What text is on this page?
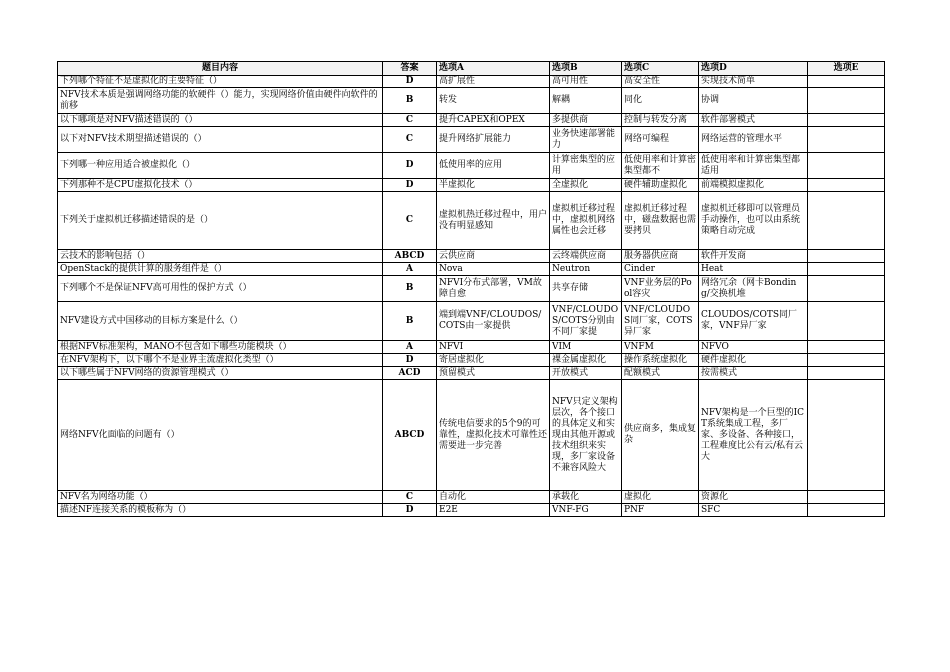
题目内容	答案	选项A	选项B	选项C	选项D	选项E
下列哪个特征不是虚拟化的主要特征（）	D	高扩展性	高可用性	高安全性	实现技术简单	
NFV技术本质是强调网络功能的软硬件（）能力，实现网络价值由硬件向软件的前移	B	转发	解耦	同化	协调	
以下哪项是对NFV描述错误的（）	C	提升CAPEX和OPEX	多提供商	控制与转发分离	软件部署模式	
以下对NFV技术期望描述错误的（）	C	提升网络扩展能力	业务快速部署能力	网络可编程	网络运营的管理水平	
下列哪一种应用适合被虚拟化（）	D	低使用率的应用	计算密集型的应用	低使用率和计算密集型都不	低使用率和计算密集型都适用	
下列那种不是CPU虚拟化技术（）	D	半虚拟化	全虚拟化	硬件辅助虚拟化	前端模拟虚拟化	
下列关于虚拟机迁移描述错误的是（）	C	虚拟机热迁移过程中，用户没有明显感知	虚拟机迁移过程中，虚拟机网络属性也会迁移	虚拟机迁移过程中，磁盘数据也需要拷贝	虚拟机迁移即可以管理员手动操作，也可以由系统策略自动完成	
云技术的影响包括（）	ABCD	云供应商	云终端供应商	服务器供应商	软件开发商	
OpenStack的提供计算的服务组件是（）	A	Nova	Neutron	Cinder	Heat	
下列哪个不是保证NFV高可用性的保护方式（）	B	NFVI分布式部署，VM故障自愈	共享存储	VNF业务层的Pool容灾	网络冗余（网卡Bonding/交换机堆	
NFV建设方式中国移动的目标方案是什么（）	B	端到端VNF/CLOUDOS/COTS由一家提供	VNF/CLOUDOS/COTS分别由不同厂家提	VNF/CLOUDOS同厂家，COTS异厂家	CLOUDOS/COTS同厂家，VNF异厂家	
根据NFV标准架构，MANO不包含如下哪些功能模块（）	A	NFVI	VIM	VNFM	NFVO	
在NFV架构下，以下哪个不是业界主流虚拟化类型（）	D	寄居虚拟化	裸金属虚拟化	操作系统虚拟化	硬件虚拟化	
以下哪些属于NFV网络的资源管理模式（）	ACD	预留模式	开放模式	配额模式	按需模式	
网络NFV化面临的问题有（）	ABCD	传统电信要求的5个9的可靠性，虚拟化技术可靠性还需要进一步完善	NFV只定义架构层次，各个接口的具体定义和实现由其他开源或技术组织来实现，多厂家设备不兼容风险大	供应商多，集成复杂	NFV架构是一个巨型的ICT系统集成工程，多厂家、多设备、各种接口，工程难度比公有云/私有云大	
NFV名为网络功能（）	C	自动化	承载化	虚拟化	资源化	
描述NF连接关系的模板称为（）	D	E2E	VNF-FG	PNF	SFC	
